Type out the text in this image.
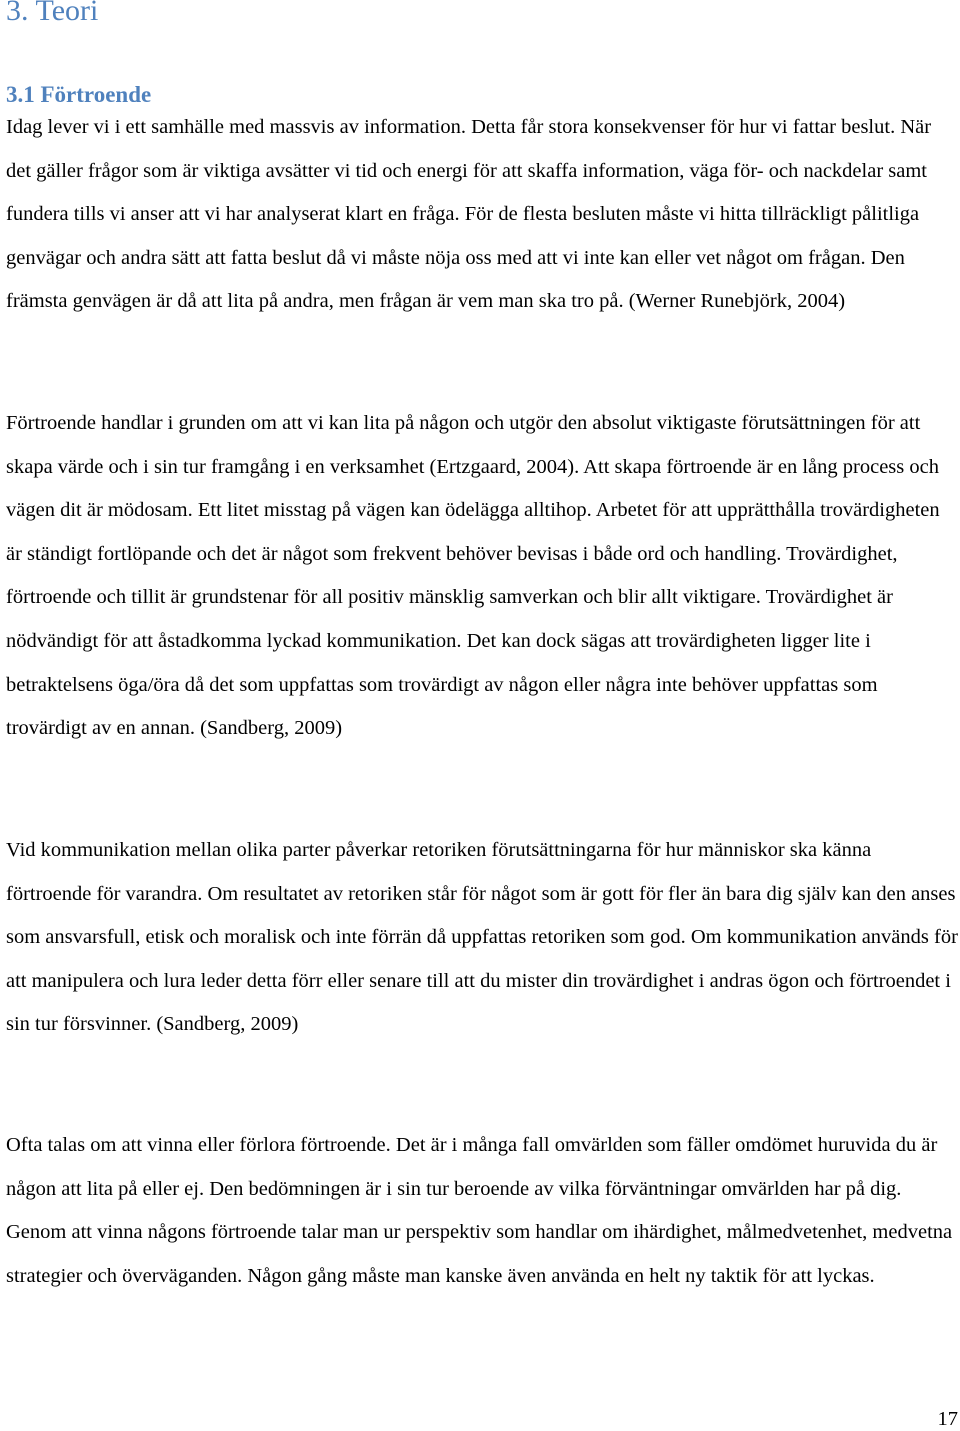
3. Teori
3.1 Förtroende

Idag lever vi i ett samhälle med massvis av information. Detta får stora konsekvenser för hur vi fattar beslut. När det gäller frågor som är viktiga avsätter vi tid och energi för att skaffa information, väga för- och nackdelar samt fundera tills vi anser att vi har analyserat klart en fråga. För de flesta besluten måste vi hitta tillräckligt pålitliga genvägar och andra sätt att fatta beslut då vi måste nöja oss med att vi inte kan eller vet något om frågan. Den främsta genvägen är då att lita på andra, men frågan är vem man ska tro på. (Werner Runebjörk, 2004)

Förtroende handlar i grunden om att vi kan lita på någon och utgör den absolut viktigaste förutsättningen för att skapa värde och i sin tur framgång i en verksamhet (Ertzgaard, 2004). Att skapa förtroende är en lång process och vägen dit är mödosam. Ett litet misstag på vägen kan ödelägga alltihop. Arbetet för att upprätthålla trovärdigheten är ständigt fortlöpande och det är något som frekvent behöver bevisas i både ord och handling. Trovärdighet, förtroende och tillit är grundstenar för all positiv mänsklig samverkan och blir allt viktigare. Trovärdighet är nödvändigt för att åstadkomma lyckad kommunikation. Det kan dock sägas att trovärdigheten ligger lite i betraktelsens öga/öra då det som uppfattas som trovärdigt av någon eller några inte behöver uppfattas som trovärdigt av en annan. (Sandberg, 2009)

Vid kommunikation mellan olika parter påverkar retoriken förutsättningarna för hur människor ska känna förtroende för varandra. Om resultatet av retoriken står för något som är gott för fler än bara dig själv kan den anses som ansvarsfull, etisk och moralisk och inte förrän då uppfattas retoriken som god. Om kommunikation används för att manipulera och lura leder detta förr eller senare till att du mister din trovärdighet i andras ögon och förtroendet i sin tur försvinner. (Sandberg, 2009)

Ofta talas om att vinna eller förlora förtroende. Det är i många fall omvärlden som fäller omdömet huruvida du är någon att lita på eller ej. Den bedömningen är i sin tur beroende av vilka förväntningar omvärlden har på dig. Genom att vinna någons förtroende talar man ur perspektiv som handlar om ihärdighet, målmedvetenhet, medvetna strategier och överväganden. Någon gång måste man kanske även använda en helt ny taktik för att lyckas.

17
